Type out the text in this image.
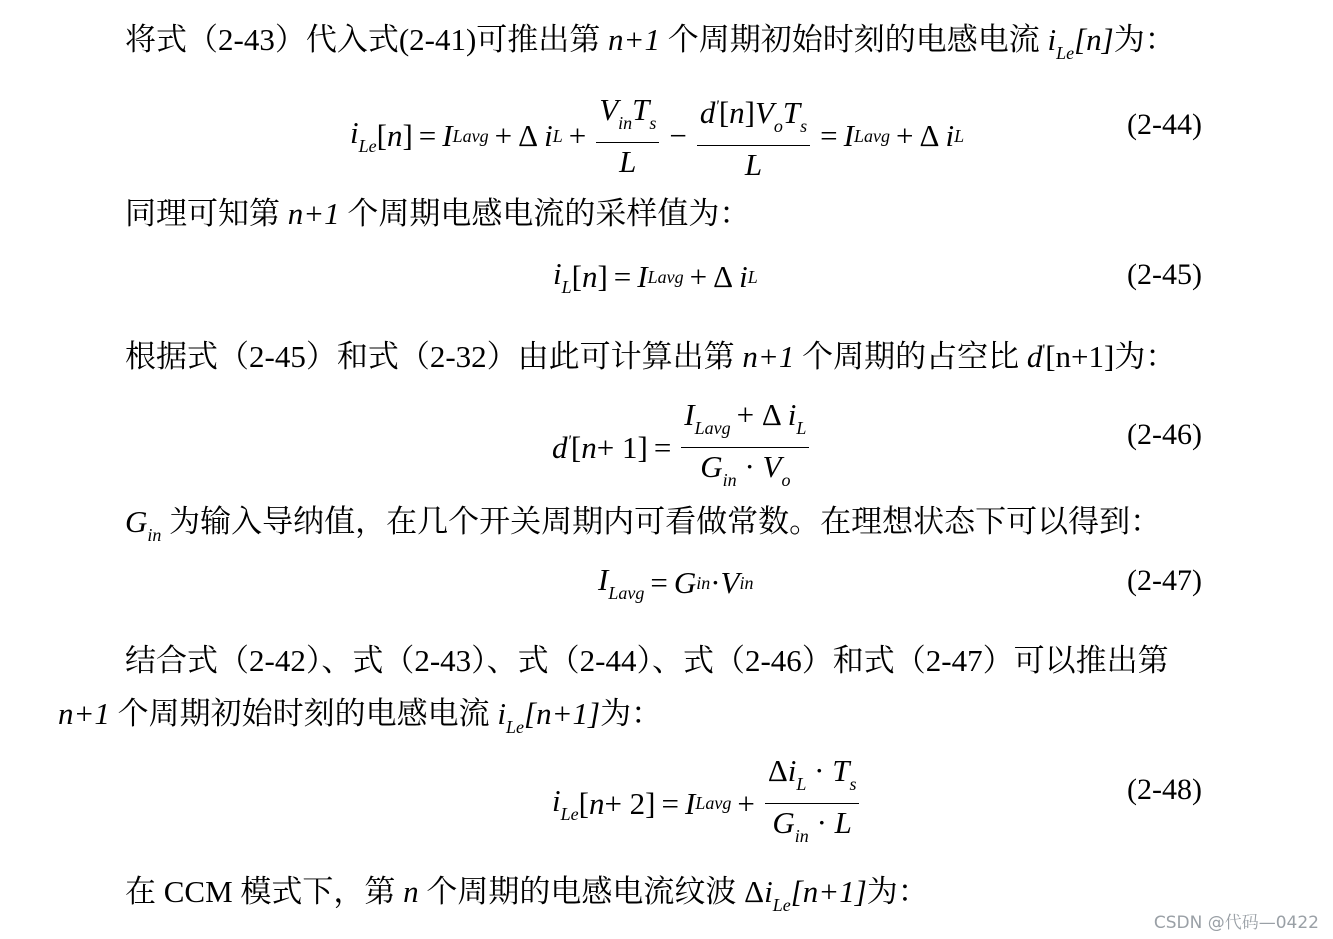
将式（2-43）代入式(2-41)可推出第 n+1 个周期初始时刻的电感电流 $i_{Le}[n]$为：
$i_{Le}$ [ n ] = I Lavg + Δ i $L + \frac{V_{in}T_s}{L} - \frac{d'[n]V_oT_s}{L} = I$ Lavg + Δ i L	(2-44)
同理可知第 n+1 个周期电感电流的采样值为：
$i_L$ [ n ] = I Lavg + Δ i L	(2-45)
根据式（2-45）和式（2-32）由此可计算出第 n+1 个周期的占空比 d'[n+1]为：
d' [ $n + 1] = \frac{I_{Lavg} + \Delta i_L}{G_{in} \cdot V_o}$	(2-46)
$G_{in}$ 为输入导纳值，在几个开关周期内可看做常数。在理想状态下可以得到：
$I_{Lavg} = G$ in · V in	(2-47)
结合式（2-42）、式（2-43）、式（2-44）、式（2-46）和式（2-47）可以推出第
n+1 个周期初始时刻的电感电流 $i_{Le}[n+1]$为：
$i_{Le}$ [ n + 2] = I Lavg + $\frac{\Delta i_L \cdot T_s}{G_{in} \cdot L}$	(2-48)
在 CCM 模式下，第 n 个周期的电感电流纹波 $\Delta i_{Le}[n+1]$为：
CSDN @代码—0422
